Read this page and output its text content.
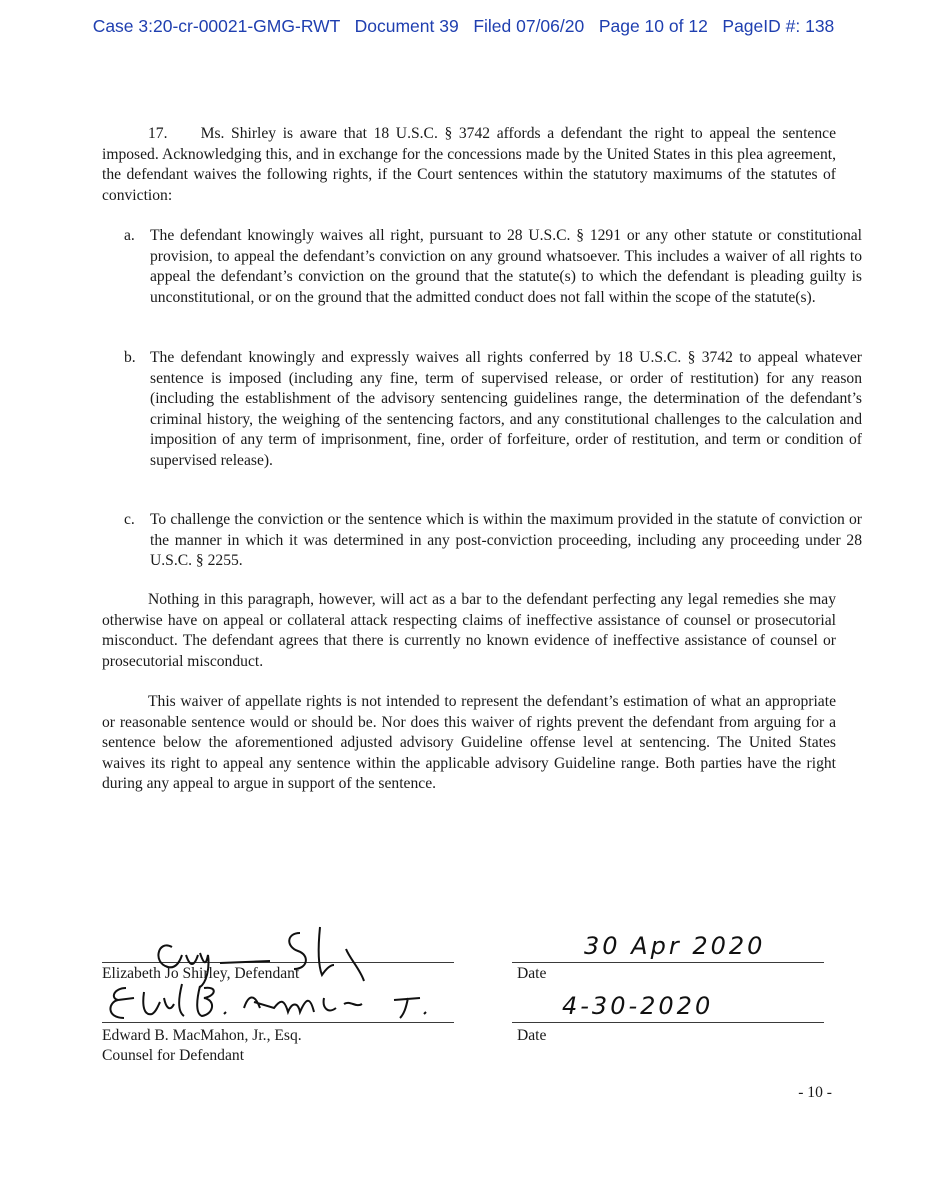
Case 3:20-cr-00021-GMG-RWT Document 39 Filed 07/06/20 Page 10 of 12 PageID #: 138

17.     Ms. Shirley is aware that 18 U.S.C. § 3742 affords a defendant the right to appeal the sentence imposed. Acknowledging this, and in exchange for the concessions made by the United States in this plea agreement, the defendant waives the following rights, if the Court sentences within the statutory maximums of the statutes of conviction:

a. The defendant knowingly waives all right, pursuant to 28 U.S.C. § 1291 or any other statute or constitutional provision, to appeal the defendant’s conviction on any ground whatsoever. This includes a waiver of all rights to appeal the defendant’s conviction on the ground that the statute(s) to which the defendant is pleading guilty is unconstitutional, or on the ground that the admitted conduct does not fall within the scope of the statute(s).

b. The defendant knowingly and expressly waives all rights conferred by 18 U.S.C. § 3742 to appeal whatever sentence is imposed (including any fine, term of supervised release, or order of restitution) for any reason (including the establishment of the advisory sentencing guidelines range, the determination of the defendant’s criminal history, the weighing of the sentencing factors, and any constitutional challenges to the calculation and imposition of any term of imprisonment, fine, order of forfeiture, order of restitution, and term or condition of supervised release).

c. To challenge the conviction or the sentence which is within the maximum provided in the statute of conviction or the manner in which it was determined in any post-conviction proceeding, including any proceeding under 28 U.S.C. § 2255.

Nothing in this paragraph, however, will act as a bar to the defendant perfecting any legal remedies she may otherwise have on appeal or collateral attack respecting claims of ineffective assistance of counsel or prosecutorial misconduct. The defendant agrees that there is currently no known evidence of ineffective assistance of counsel or prosecutorial misconduct.

This waiver of appellate rights is not intended to represent the defendant’s estimation of what an appropriate or reasonable sentence would or should be. Nor does this waiver of rights prevent the defendant from arguing for a sentence below the aforementioned adjusted advisory Guideline offense level at sentencing. The United States waives its right to appeal any sentence within the applicable advisory Guideline range. Both parties have the right during any appeal to argue in support of the sentence.

Elizabeth Jo Shirley, Defendant	Date
30 Apr 2020
Edward B. MacMahon, Jr., Esq.
Counsel for Defendant
Date
4-30-2020
- 10 -
